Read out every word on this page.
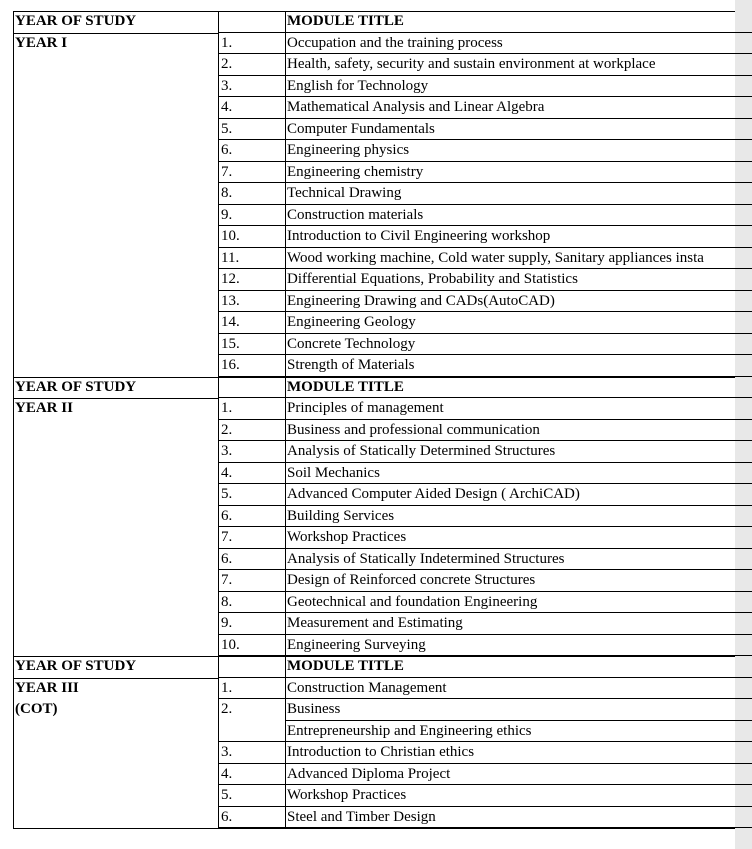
YEAR OF STUDY	MODULE TITLE
YEAR I	1.	Occupation and the training process
2.	Health, safety, security and sustain environment at workplace
3.	English for Technology
4.	Mathematical Analysis and Linear Algebra
5.	Computer Fundamentals
6.	Engineering physics
7.	Engineering chemistry
8.	Technical Drawing
9.	Construction materials
10.	Introduction to Civil Engineering workshop
11.	Wood working machine, Cold water supply, Sanitary appliances insta
12.	Differential Equations, Probability and Statistics
13.	Engineering Drawing and CADs(AutoCAD)
14.	Engineering Geology
15.	Concrete Technology
16.	Strength of Materials
YEAR OF STUDY	MODULE TITLE
YEAR II	1.	Principles of management
2.	Business and professional communication
3.	Analysis of Statically Determined Structures
4.	Soil Mechanics
5.	Advanced Computer Aided Design ( ArchiCAD)
6.	Building Services
7.	Workshop Practices
6.	Analysis of Statically Indetermined Structures
7.	Design of Reinforced concrete Structures
8.	Geotechnical and foundation Engineering
9.	Measurement and Estimating
10.	Engineering Surveying
YEAR OF STUDY	MODULE TITLE
YEAR III	1.	Construction Management
(COT)	2.	Business
Entrepreneurship and Engineering ethics
3.	Introduction to Christian ethics
4.	Advanced Diploma Project
5.	Workshop Practices
6.	Steel and Timber Design
